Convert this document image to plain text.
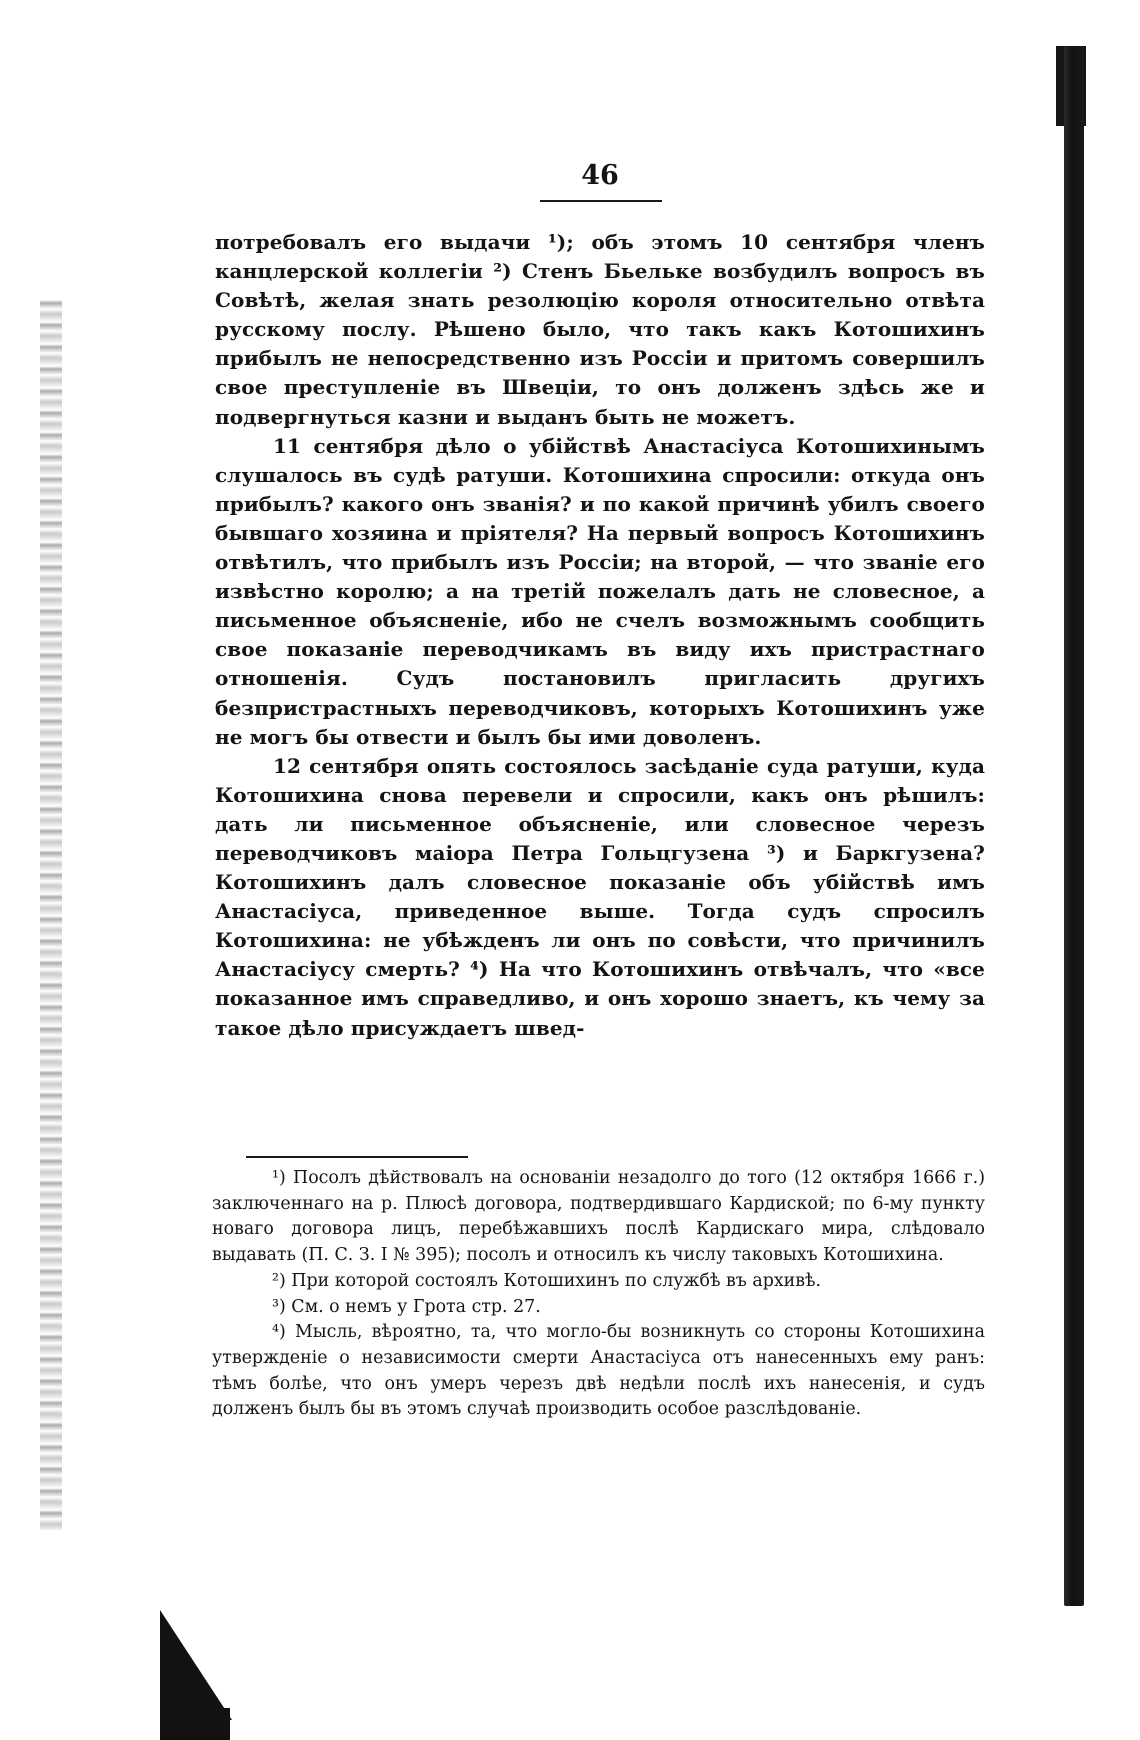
46

потребовалъ его выдачи ¹); объ этомъ 10 сентября членъ канцлерской коллегіи ²) Стенъ Бьельке возбудилъ вопросъ въ Совѣтѣ, желая знать резолюцію короля относительно отвѣта русскому послу. Рѣшено было, что такъ какъ Котошихинъ прибылъ не непосредственно изъ Россіи и притомъ совершилъ свое преступленіе въ Швеціи, то онъ долженъ здѣсь же и подвергнуться казни и выданъ быть не можетъ.

11 сентября дѣло о убійствѣ Анастасіуса Котошихинымъ слушалось въ судѣ ратуши. Котошихина спросили: откуда онъ прибылъ? какого онъ званія? и по какой причинѣ убилъ своего бывшаго хозяина и пріятеля? На первый вопросъ Котошихинъ отвѣтилъ, что прибылъ изъ Россіи; на второй, — что званіе его извѣстно королю; а на третій пожелалъ дать не словесное, а письменное объясненіе, ибо не счелъ возможнымъ сообщить свое показаніе переводчикамъ въ виду ихъ пристрастнаго отношенія. Судъ постановилъ пригласить другихъ безпристрастныхъ переводчиковъ, которыхъ Котошихинъ уже не могъ бы отвести и былъ бы ими доволенъ.

12 сентября опять состоялось засѣданіе суда ратуши, куда Котошихина снова перевели и спросили, какъ онъ рѣшилъ: дать ли письменное объясненіе, или словесное черезъ переводчиковъ маіора Петра Гольцгузена ³) и Баркгузена? Котошихинъ далъ словесное показаніе объ убійствѣ имъ Анастасіуса, приведенное выше. Тогда судъ спросилъ Котошихина: не убѣжденъ ли онъ по совѣсти, что причинилъ Анастасіусу смерть? ⁴) На что Котошихинъ отвѣчалъ, что «все показанное имъ справедливо, и онъ хорошо знаетъ, къ чему за такое дѣло присуждаетъ швед-

¹) Посолъ дѣйствовалъ на основаніи незадолго до того (12 октября 1666 г.) заключеннаго на р. Плюсѣ договора, подтвердившаго Кардиской; по 6-му пункту новаго договора лицъ, перебѣжавшихъ послѣ Кардискаго мира, слѣдовало выдавать (П. С. З. I № 395); посолъ и относилъ къ числу таковыхъ Котошихина.

²) При которой состоялъ Котошихинъ по службѣ въ архивѣ.

³) См. о немъ у Грота стр. 27.

⁴) Мысль, вѣроятно, та, что могло-бы возникнуть со стороны Котошихина утвержденіе о независимости смерти Анастасіуса отъ нанесенныхъ ему ранъ: тѣмъ болѣе, что онъ умеръ черезъ двѣ недѣли послѣ ихъ нанесенія, и судъ долженъ былъ бы въ этомъ случаѣ производить особое разслѣдованіе.
